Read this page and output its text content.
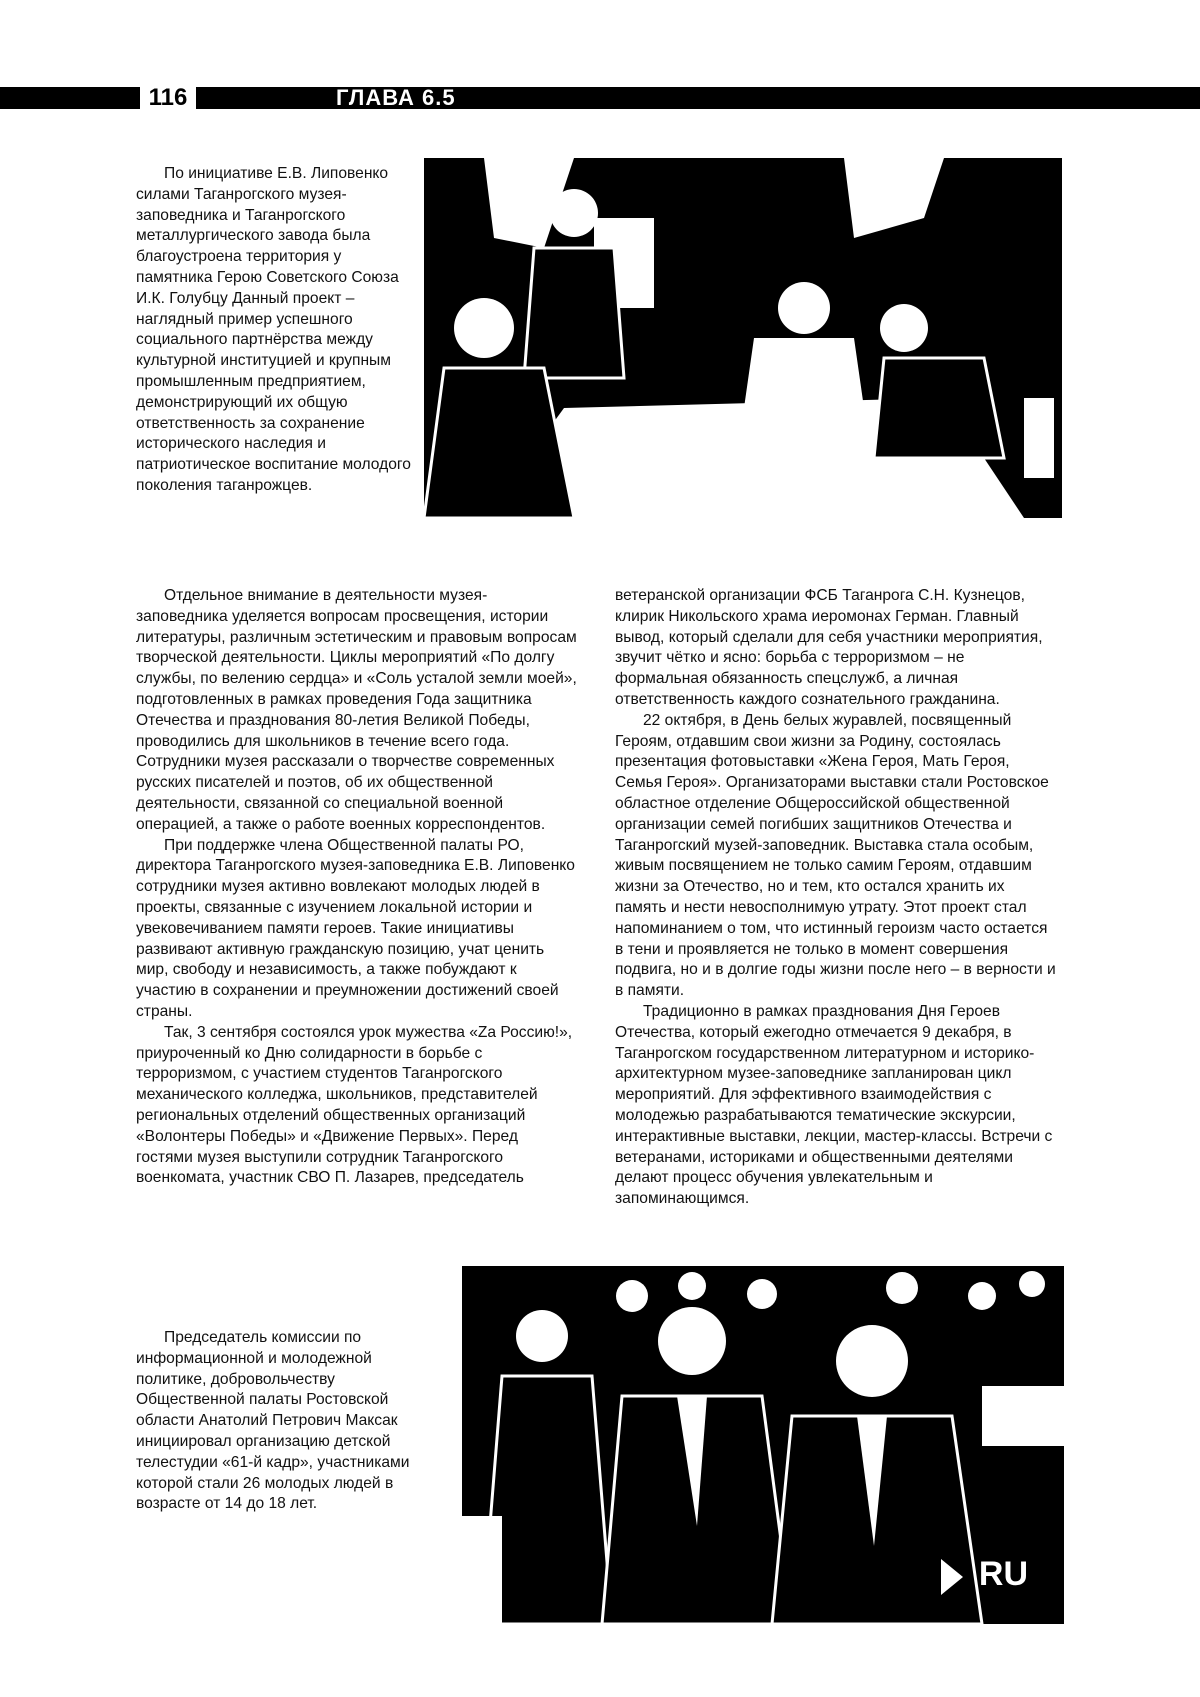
116	ГЛАВА 6.5

По инициативе Е.В. Липовенко силами Таганрогского музея-заповедника и Таганрогского металлургического завода была благоустроена территория у памятника Герою Советского Союза И.К. Голубцу Данный проект – наглядный пример успешного социального партнёрства между культурной институцией и крупным промышленным предприятием, демонстрирующий их общую ответственность за сохранение исторического наследия и патриотическое воспитание молодого поколения таганрожцев.

Отдельное внимание в деятельности музея-заповедника уделяется вопросам просвещения, истории литературы, различным эстетическим и правовым вопросам творческой деятельности. Циклы мероприятий «По долгу службы, по велению сердца» и «Соль усталой земли моей», подготовленных в рамках проведения Года защитника Отечества и празднования 80-летия Великой Победы, проводились для школьников в течение всего года. Сотрудники музея рассказали о творчестве современных русских писателей и поэтов, об их общественной деятельности, связанной со специальной военной операцией, а также о работе военных корреспондентов.

При поддержке члена Общественной палаты РО, директора Таганрогского музея-заповедника Е.В. Липовенко сотрудники музея активно вовлекают молодых людей в проекты, связанные с изучением локальной истории и увековечиванием памяти героев. Такие инициативы развивают активную гражданскую позицию, учат ценить мир, свободу и независимость, а также побуждают к участию в сохранении и преумножении достижений своей страны.

Так, 3 сентября состоялся урок мужества «Zа Россию!», приуроченный ко Дню солидарности в борьбе с терроризмом, с участием студентов Таганрогского механического колледжа, школьников, представителей региональных отделений общественных организаций «Волонтеры Победы» и «Движение Первых». Перед гостями музея выступили сотрудник Таганрогского военкомата, участник СВО П. Лазарев, председатель

ветеранской организации ФСБ Таганрога С.Н. Кузнецов, клирик Никольского храма иеромонах Герман. Главный вывод, который сделали для себя участники мероприятия, звучит чётко и ясно: борьба с терроризмом – не формальная обязанность спецслужб, а личная ответственность каждого сознательного гражданина.

22 октября, в День белых журавлей, посвященный Героям, отдавшим свои жизни за Родину, состоялась презентация фотовыставки «Жена Героя, Мать Героя, Семья Героя». Организаторами выставки стали Ростовское областное отделение Общероссийской общественной организации семей погибших защитников Отечества и Таганрогский музей-заповедник. Выставка стала особым, живым посвящением не только самим Героям, отдавшим жизни за Отечество, но и тем, кто остался хранить их память и нести невосполнимую утрату. Этот проект стал напоминанием о том, что истинный героизм часто остается в тени и проявляется не только в момент совершения подвига, но и в долгие годы жизни после него – в верности и в памяти.

Традиционно в рамках празднования Дня Героев Отечества, который ежегодно отмечается 9 декабря, в Таганрогском государственном литературном и историко-архитектурном музее-заповеднике запланирован цикл мероприятий. Для эффективного взаимодействия с молодежью разрабатываются тематические экскурсии, интерактивные выставки, лекции, мастер-классы. Встречи с ветеранами, историками и общественными деятелями делают процесс обучения увлекательным и запоминающимся.

Председатель комиссии по информационной и молодежной политике, добровольчеству Общественной палаты Ростовской области Анатолий Петрович Максак инициировал организацию детской телестудии «61-й кадр», участниками которой стали 26 молодых людей в возрасте от 14 до 18 лет.

RU
